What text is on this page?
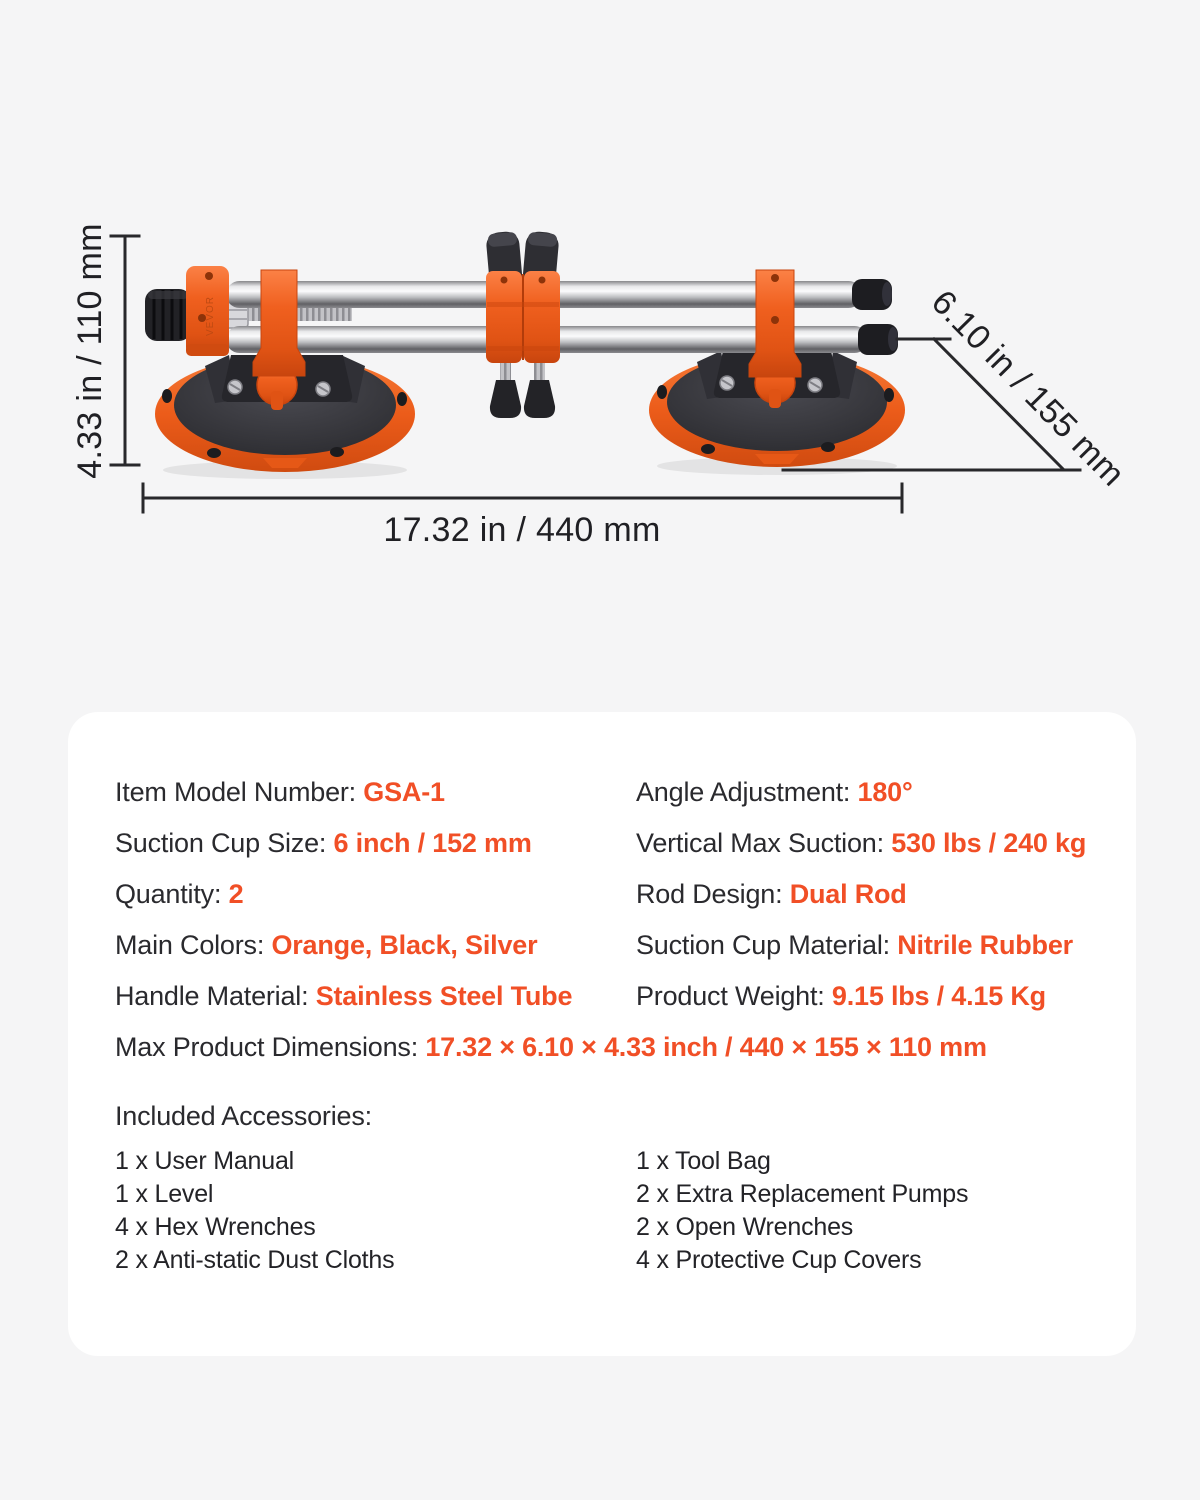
VEVOR
4.33 in / 110 mm
17.32 in / 440 mm
6.10 in / 155 mm
Item Model Number: GSA-1	Angle Adjustment: 180°
Suction Cup Size: 6 inch / 152 mm	Vertical Max Suction: 530 lbs / 240 kg
Quantity: 2	Rod Design: Dual Rod
Main Colors: Orange, Black, Silver	Suction Cup Material: Nitrile Rubber
Handle Material: Stainless Steel Tube	Product Weight: 9.15 lbs / 4.15 Kg
Max Product Dimensions: 17.32 × 6.10 × 4.33 inch / 440 × 155 × 110 mm
Included Accessories:
1 x User Manual	1 x Tool Bag
1 x Level	2 x Extra Replacement Pumps
4 x Hex Wrenches	2 x Open Wrenches
2 x Anti-static Dust Cloths	4 x Protective Cup Covers
